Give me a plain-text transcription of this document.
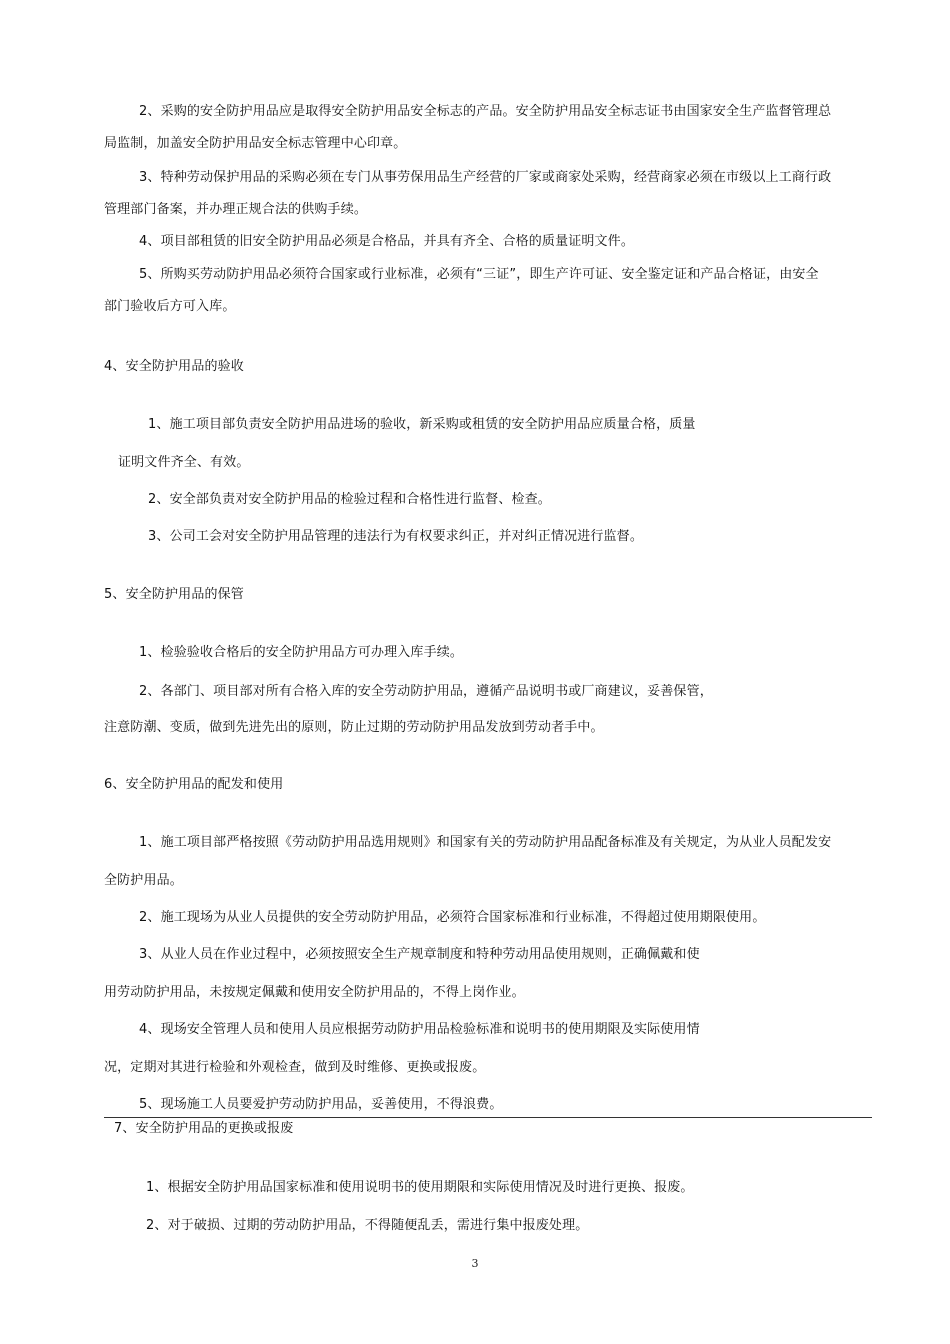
2、采购的安全防护用品应是取得安全防护用品安全标志的产品。安全防护用品安全标志证书由国家安全生产监督管理总

局监制，加盖安全防护用品安全标志管理中心印章。

3、特种劳动保护用品的采购必须在专门从事劳保用品生产经营的厂家或商家处采购，经营商家必须在市级以上工商行政

管理部门备案，并办理正规合法的供购手续。

4、项目部租赁的旧安全防护用品必须是合格品，并具有齐全、合格的质量证明文件。

5、所购买劳动防护用品必须符合国家或行业标准，必须有“三证”，即生产许可证、安全鉴定证和产品合格证，由安全

部门验收后方可入库。

4、安全防护用品的验收

1、施工项目部负责安全防护用品进场的验收，新采购或租赁的安全防护用品应质量合格，质量

证明文件齐全、有效。

2、安全部负责对安全防护用品的检验过程和合格性进行监督、检查。

3、公司工会对安全防护用品管理的违法行为有权要求纠正，并对纠正情况进行监督。

5、安全防护用品的保管

1、检验验收合格后的安全防护用品方可办理入库手续。

2、各部门、项目部对所有合格入库的安全劳动防护用品，遵循产品说明书或厂商建议，妥善保管，

注意防潮、变质，做到先进先出的原则，防止过期的劳动防护用品发放到劳动者手中。

6、安全防护用品的配发和使用

1、施工项目部严格按照《劳动防护用品选用规则》和国家有关的劳动防护用品配备标准及有关规定，为从业人员配发安

全防护用品。

2、施工现场为从业人员提供的安全劳动防护用品，必须符合国家标准和行业标准，不得超过使用期限使用。

3、从业人员在作业过程中，必须按照安全生产规章制度和特种劳动用品使用规则，正确佩戴和使

用劳动防护用品，未按规定佩戴和使用安全防护用品的，不得上岗作业。

4、现场安全管理人员和使用人员应根据劳动防护用品检验标准和说明书的使用期限及实际使用情

况，定期对其进行检验和外观检查，做到及时维修、更换或报废。

5、现场施工人员要爱护劳动防护用品，妥善使用，不得浪费。

7、安全防护用品的更换或报废

1、根据安全防护用品国家标准和使用说明书的使用期限和实际使用情况及时进行更换、报废。

2、对于破损、过期的劳动防护用品，不得随便乱丢，需进行集中报废处理。

3
